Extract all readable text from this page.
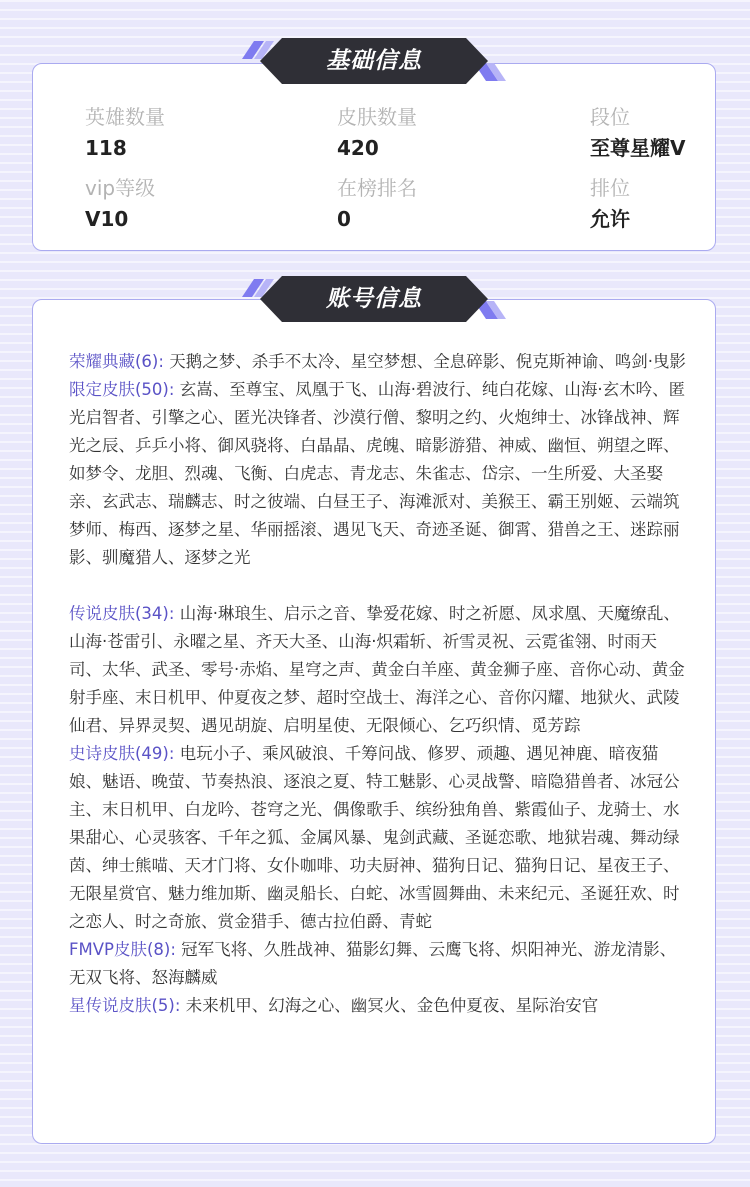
英雄数量
118
皮肤数量
420
段位
至尊星耀V
vip等级
V10
在榜排名
0
排位
允许
基础信息

荣耀典藏(6): 天鹅之梦、杀手不太冷、星空梦想、全息碎影、倪克斯神谕、鸣剑·曳影

限定皮肤(50): 玄嵩、至尊宝、凤凰于飞、山海·碧波行、纯白花嫁、山海·玄木吟、匿光启智者、引擎之心、匿光决锋者、沙漠行僧、黎明之约、火炮绅士、冰锋战神、辉光之辰、乒乒小将、御风骁将、白晶晶、虎魄、暗影游猎、神威、幽恒、朔望之晖、如梦令、龙胆、烈魂、飞衡、白虎志、青龙志、朱雀志、岱宗、一生所爱、大圣娶亲、玄武志、瑞麟志、时之彼端、白昼王子、海滩派对、美猴王、霸王别姬、云端筑梦师、梅西、逐梦之星、华丽摇滚、遇见飞天、奇迹圣诞、御霄、猎兽之王、迷踪丽影、驯魔猎人、逐梦之光

传说皮肤(34): 山海·琳琅生、启示之音、挚爱花嫁、时之祈愿、凤求凰、天魔缭乱、山海·苍雷引、永曜之星、齐天大圣、山海·炽霜斩、祈雪灵祝、云霓雀翎、时雨天司、太华、武圣、零号·赤焰、星穹之声、黄金白羊座、黄金狮子座、音你心动、黄金射手座、末日机甲、仲夏夜之梦、超时空战士、海洋之心、音你闪耀、地狱火、武陵仙君、异界灵契、遇见胡旋、启明星使、无限倾心、乞巧织情、觅芳踪

史诗皮肤(49): 电玩小子、乘风破浪、千筹问战、修罗、顽趣、遇见神鹿、暗夜猫娘、魅语、晚萤、节奏热浪、逐浪之夏、特工魅影、心灵战警、暗隐猎兽者、冰冠公主、末日机甲、白龙吟、苍穹之光、偶像歌手、缤纷独角兽、紫霞仙子、龙骑士、水果甜心、心灵骇客、千年之狐、金属风暴、鬼剑武藏、圣诞恋歌、地狱岩魂、舞动绿茵、绅士熊喵、天才门将、女仆咖啡、功夫厨神、猫狗日记、猫狗日记、星夜王子、无限星赏官、魅力维加斯、幽灵船长、白蛇、冰雪圆舞曲、未来纪元、圣诞狂欢、时之恋人、时之奇旅、赏金猎手、德古拉伯爵、青蛇

FMVP皮肤(8): 冠军飞将、久胜战神、猫影幻舞、云鹰飞将、炽阳神光、游龙清影、无双飞将、怒海麟威

星传说皮肤(5): 未来机甲、幻海之心、幽冥火、金色仲夏夜、星际治安官

账号信息
